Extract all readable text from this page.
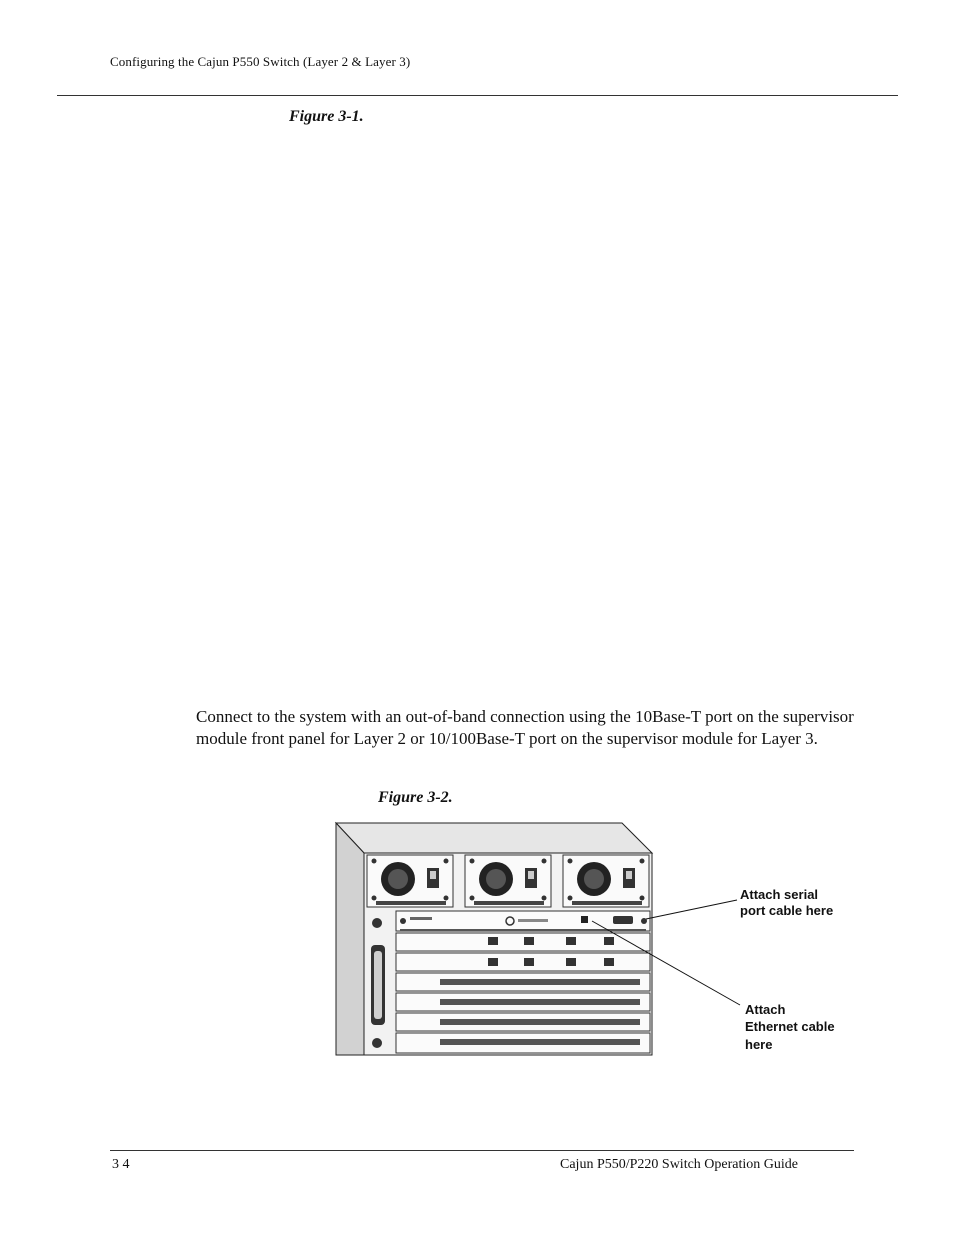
Configuring the Cajun P550 Switch (Layer 2 & Layer 3)
Figure 3-1.
Connect to the system with an out-of-band connection using the 10Base-T port on the supervisor module front panel for Layer 2 or 10/100Base-T port on the supervisor module for Layer 3.
Figure 3-2.
Attach serial
port cable here
Attach
Ethernet cable
here
3 4	Cajun P550/P220 Switch Operation Guide
